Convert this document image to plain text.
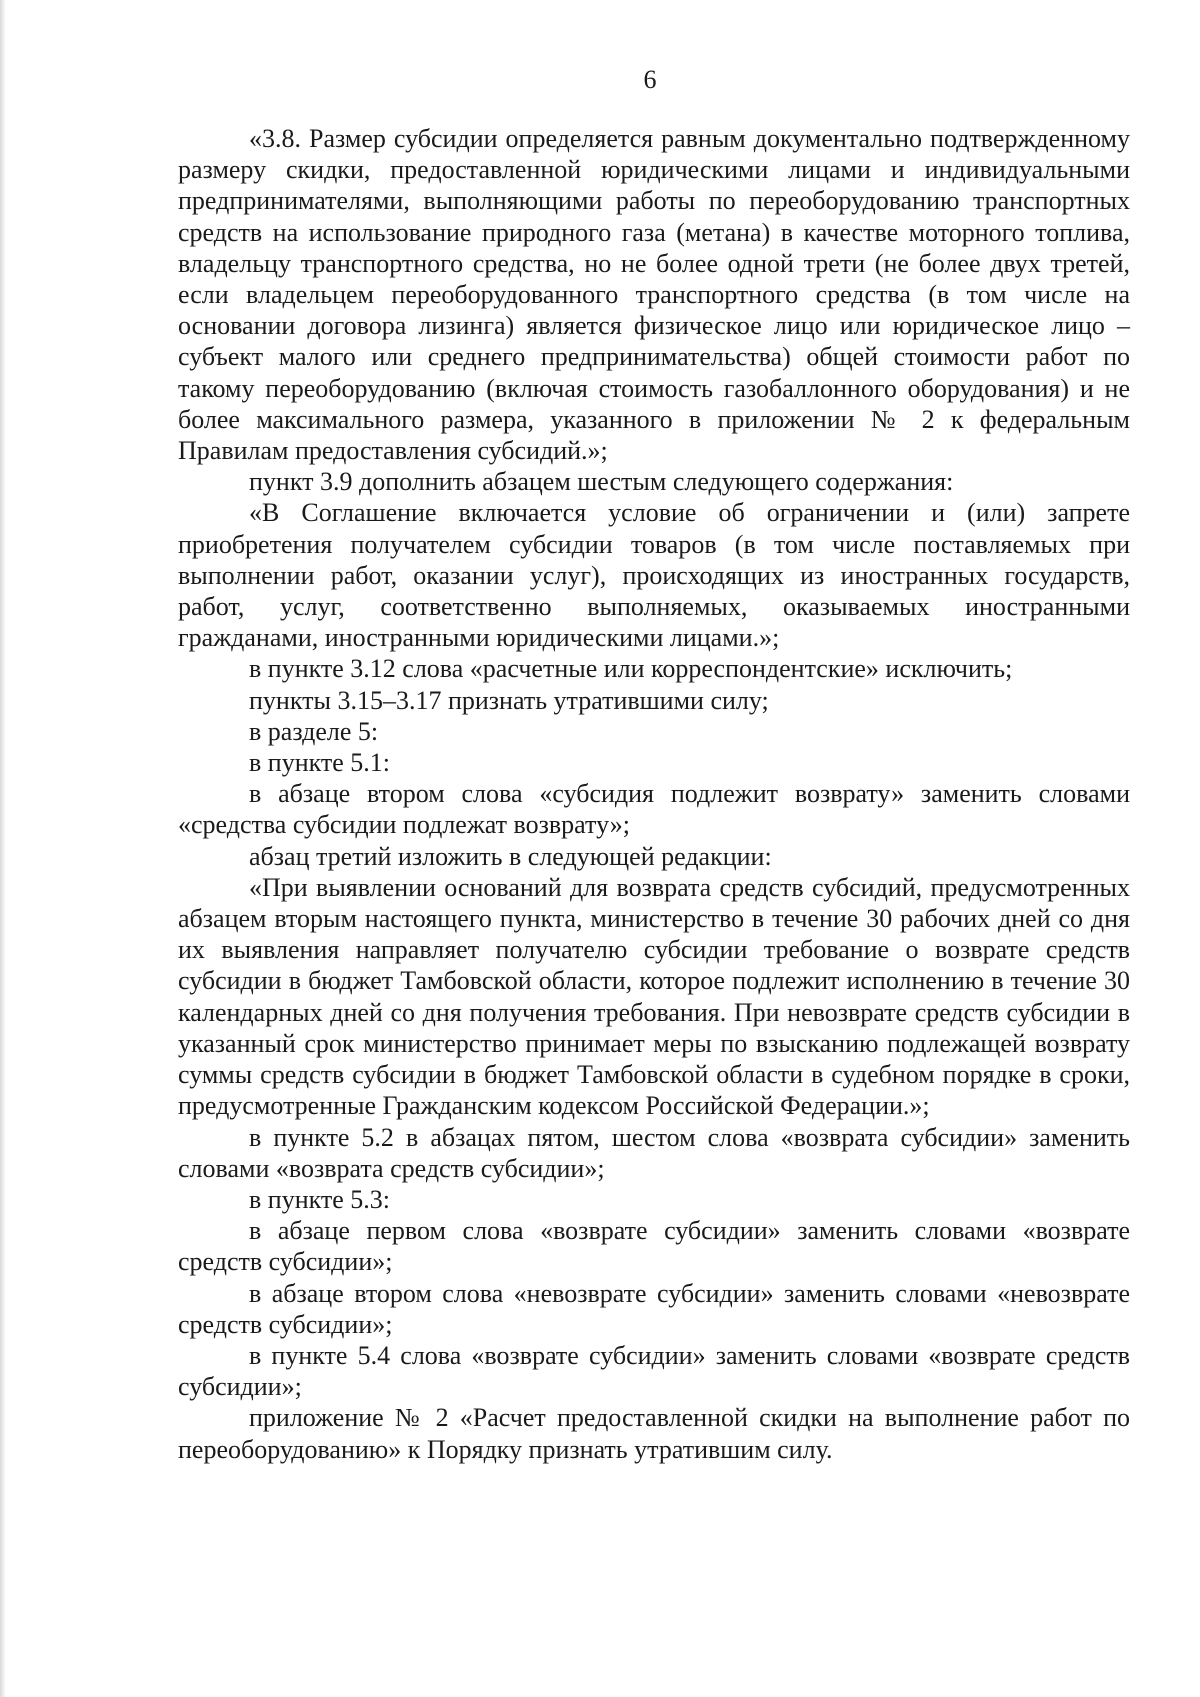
6

«3.8. Размер субсидии определяется равным документально подтвержденному размеру скидки, предоставленной юридическими лицами и индивидуальными предпринимателями, выполняющими работы по переоборудованию транспортных средств на использование природного газа (метана) в качестве моторного топлива, владельцу транспортного средства, но не более одной трети (не более двух третей, если владельцем переоборудованного транспортного средства (в том числе на основании договора лизинга) является физическое лицо или юридическое лицо – субъект малого или среднего предпринимательства) общей стоимости работ по такому переоборудованию (включая стоимость газобаллонного оборудования) и не более максимального размера, указанного в приложении № 2 к федеральным Правилам предоставления субсидий.»;

пункт 3.9 дополнить абзацем шестым следующего содержания:

«В Соглашение включается условие об ограничении и (или) запрете приобретения получателем субсидии товаров (в том числе поставляемых при выполнении работ, оказании услуг), происходящих из иностранных государств, работ, услуг, соответственно выполняемых, оказываемых иностранными гражданами, иностранными юридическими лицами.»;

в пункте 3.12 слова «расчетные или корреспондентские» исключить;

пункты 3.15–3.17 признать утратившими силу;

в разделе 5:

в пункте 5.1:

в абзаце втором слова «субсидия подлежит возврату» заменить словами «средства субсидии подлежат возврату»;

абзац третий изложить в следующей редакции:

«При выявлении оснований для возврата средств субсидий, предусмотренных абзацем вторым настоящего пункта, министерство в течение 30 рабочих дней со дня их выявления направляет получателю субсидии требование о возврате средств субсидии в бюджет Тамбовской области, которое подлежит исполнению в течение 30 календарных дней со дня получения требования. При невозврате средств субсидии в указанный срок министерство принимает меры по взысканию подлежащей возврату суммы средств субсидии в бюджет Тамбовской области в судебном порядке в сроки, предусмотренные Гражданским кодексом Российской Федерации.»;

в пункте 5.2 в абзацах пятом, шестом слова «возврата субсидии» заменить словами «возврата средств субсидии»;

в пункте 5.3:

в абзаце первом слова «возврате субсидии» заменить словами «возврате средств субсидии»;

в абзаце втором слова «невозврате субсидии» заменить словами «невозврате средств субсидии»;

в пункте 5.4 слова «возврате субсидии» заменить словами «возврате средств субсидии»;

приложение № 2 «Расчет предоставленной скидки на выполнение работ по переоборудованию» к Порядку признать утратившим силу.
